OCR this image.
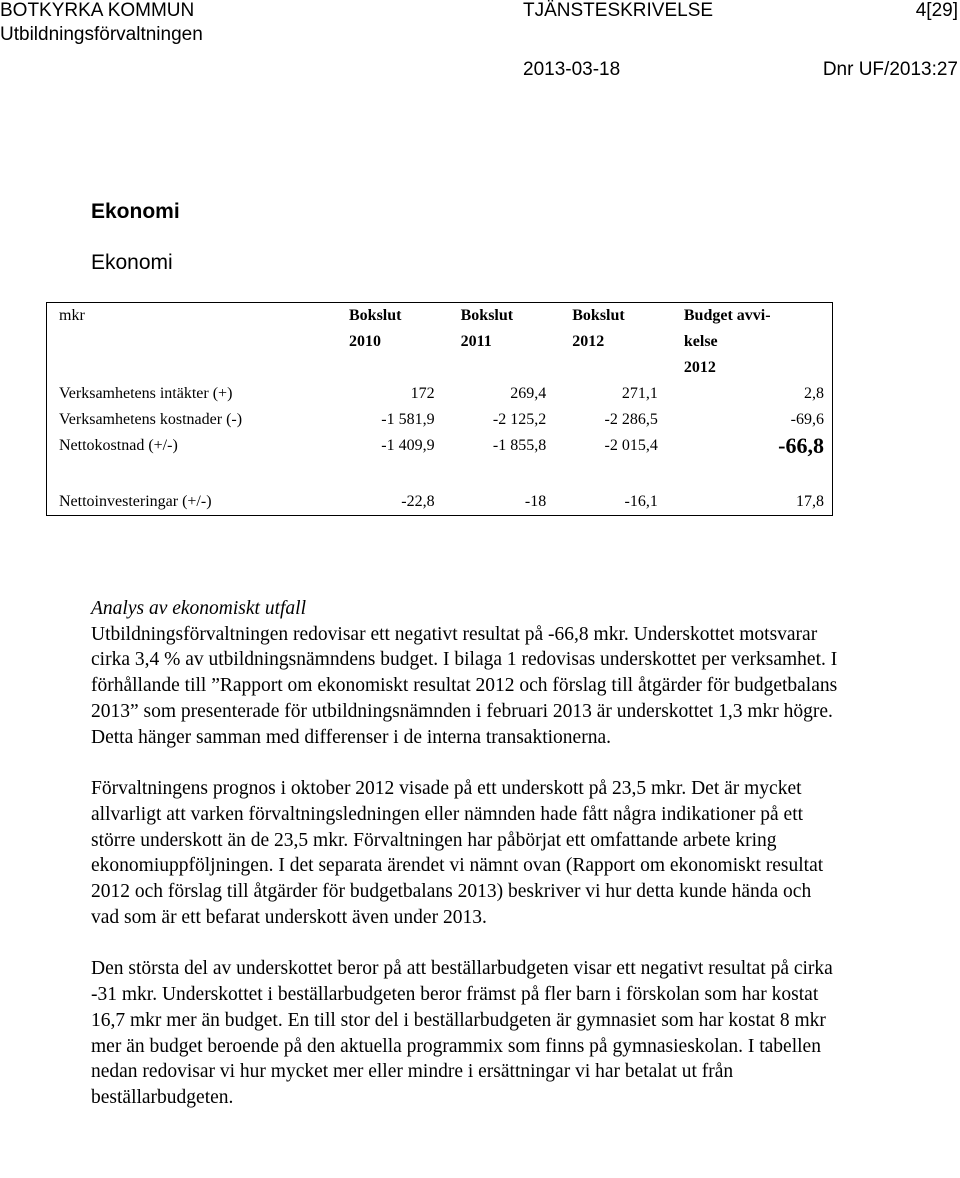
BOTKYRKA KOMMUN
Utbildningsförvaltningen
TJÄNSTESKRIVELSE	4[29]
2013-03-18	Dnr UF/2013:27
Ekonomi
Ekonomi
mkr	Bokslut	Bokslut	Bokslut	Budget avvi-
	2010	2011	2012	kelse
				2012
Verksamhetens intäkter (+)	172	269,4	271,1	2,8
Verksamhetens kostnader (-)	-1 581,9	-2 125,2	-2 286,5	-69,6
Nettokostnad (+/-)	-1 409,9	-1 855,8	-2 015,4	-66,8

Nettoinvesteringar (+/-)	-22,8	-18	-16,1	17,8

Analys av ekonomiskt utfall

Utbildningsförvaltningen redovisar ett negativt resultat på -66,8 mkr. Underskottet motsvarar cirka 3,4 % av utbildningsnämndens budget. I bilaga 1 redovisas underskottet per verksamhet. I förhållande till ”Rapport om ekonomiskt resultat 2012 och förslag till åtgärder för budgetbalans 2013” som presenterade för utbildningsnämnden i februari 2013 är underskottet 1,3 mkr högre. Detta hänger samman med differenser i de interna transaktionerna.

Förvaltningens prognos i oktober 2012 visade på ett underskott på 23,5 mkr. Det är mycket allvarligt att varken förvaltningsledningen eller nämnden hade fått några indikationer på ett större underskott än de 23,5 mkr. Förvaltningen har påbörjat ett omfattande arbete kring ekonomiuppföljningen. I det separata ärendet vi nämnt ovan (Rapport om ekonomiskt resultat 2012 och förslag till åtgärder för budgetbalans 2013) beskriver vi hur detta kunde hända och vad som är ett befarat underskott även under 2013.

Den största del av underskottet beror på att beställarbudgeten visar ett negativt resultat på cirka -31 mkr. Underskottet i beställarbudgeten beror främst på fler barn i förskolan som har kostat 16,7 mkr mer än budget. En till stor del i beställarbudgeten är gymnasiet som har kostat 8 mkr mer än budget beroende på den aktuella programmix som finns på gymnasieskolan. I tabellen nedan redovisar vi hur mycket mer eller mindre i ersättningar vi har betalat ut från beställarbudgeten.
